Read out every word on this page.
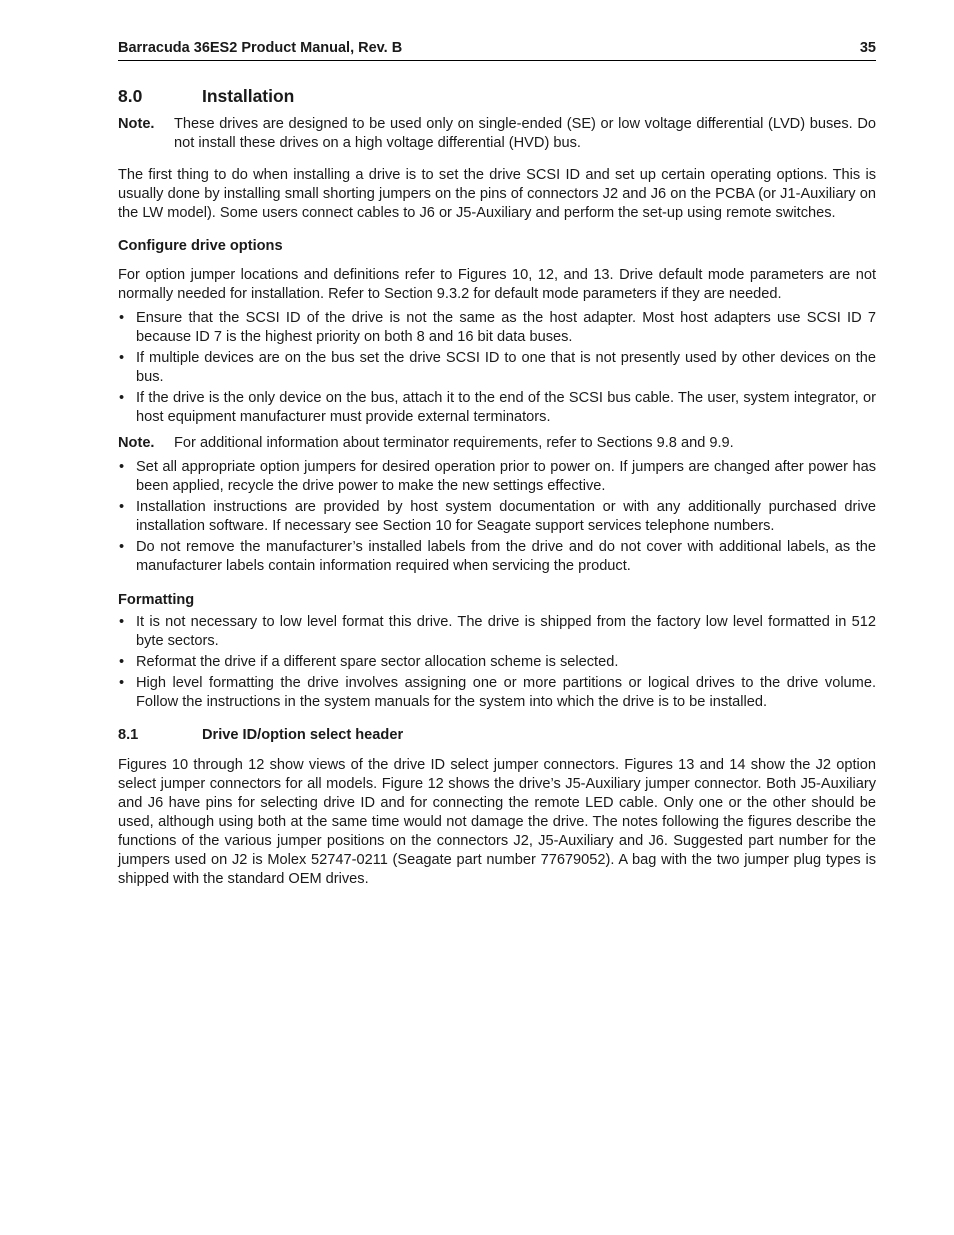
Barracuda 36ES2 Product Manual, Rev. B	35
8.0	Installation
Note.	These drives are designed to be used only on single-ended (SE) or low voltage differential (LVD) buses. Do not install these drives on a high voltage differential (HVD) bus.

The first thing to do when installing a drive is to set the drive SCSI ID and set up certain operating options. This is usually done by installing small shorting jumpers on the pins of connectors J2 and J6 on the PCBA (or J1-Auxiliary on the LW model). Some users connect cables to J6 or J5-Auxiliary and perform the set-up using remote switches.

Configure drive options

For option jumper locations and definitions refer to Figures 10, 12, and 13. Drive default mode parameters are not normally needed for installation. Refer to Section 9.3.2 for default mode parameters if they are needed.

• Ensure that the SCSI ID of the drive is not the same as the host adapter. Most host adapters use SCSI ID 7 because ID 7 is the highest priority on both 8 and 16 bit data buses.
• If multiple devices are on the bus set the drive SCSI ID to one that is not presently used by other devices on the bus.
• If the drive is the only device on the bus, attach it to the end of the SCSI bus cable. The user, system integrator, or host equipment manufacturer must provide external terminators.
Note.	For additional information about terminator requirements, refer to Sections 9.8 and 9.9.
• Set all appropriate option jumpers for desired operation prior to power on. If jumpers are changed after power has been applied, recycle the drive power to make the new settings effective.
• Installation instructions are provided by host system documentation or with any additionally purchased drive installation software. If necessary see Section 10 for Seagate support services telephone numbers.
• Do not remove the manufacturer’s installed labels from the drive and do not cover with additional labels, as the manufacturer labels contain information required when servicing the product.
Formatting
• It is not necessary to low level format this drive. The drive is shipped from the factory low level formatted in 512 byte sectors.
• Reformat the drive if a different spare sector allocation scheme is selected.
• High level formatting the drive involves assigning one or more partitions or logical drives to the drive volume. Follow the instructions in the system manuals for the system into which the drive is to be installed.
8.1	Drive ID/option select header

Figures 10 through 12 show views of the drive ID select jumper connectors. Figures 13 and 14 show the J2 option select jumper connectors for all models. Figure 12 shows the drive’s J5-Auxiliary jumper connector. Both J5-Auxiliary and J6 have pins for selecting drive ID and for connecting the remote LED cable. Only one or the other should be used, although using both at the same time would not damage the drive. The notes following the figures describe the functions of the various jumper positions on the connectors J2, J5-Auxiliary and J6. Suggested part number for the jumpers used on J2 is Molex 52747-0211 (Seagate part number 77679052). A bag with the two jumper plug types is shipped with the standard OEM drives.
